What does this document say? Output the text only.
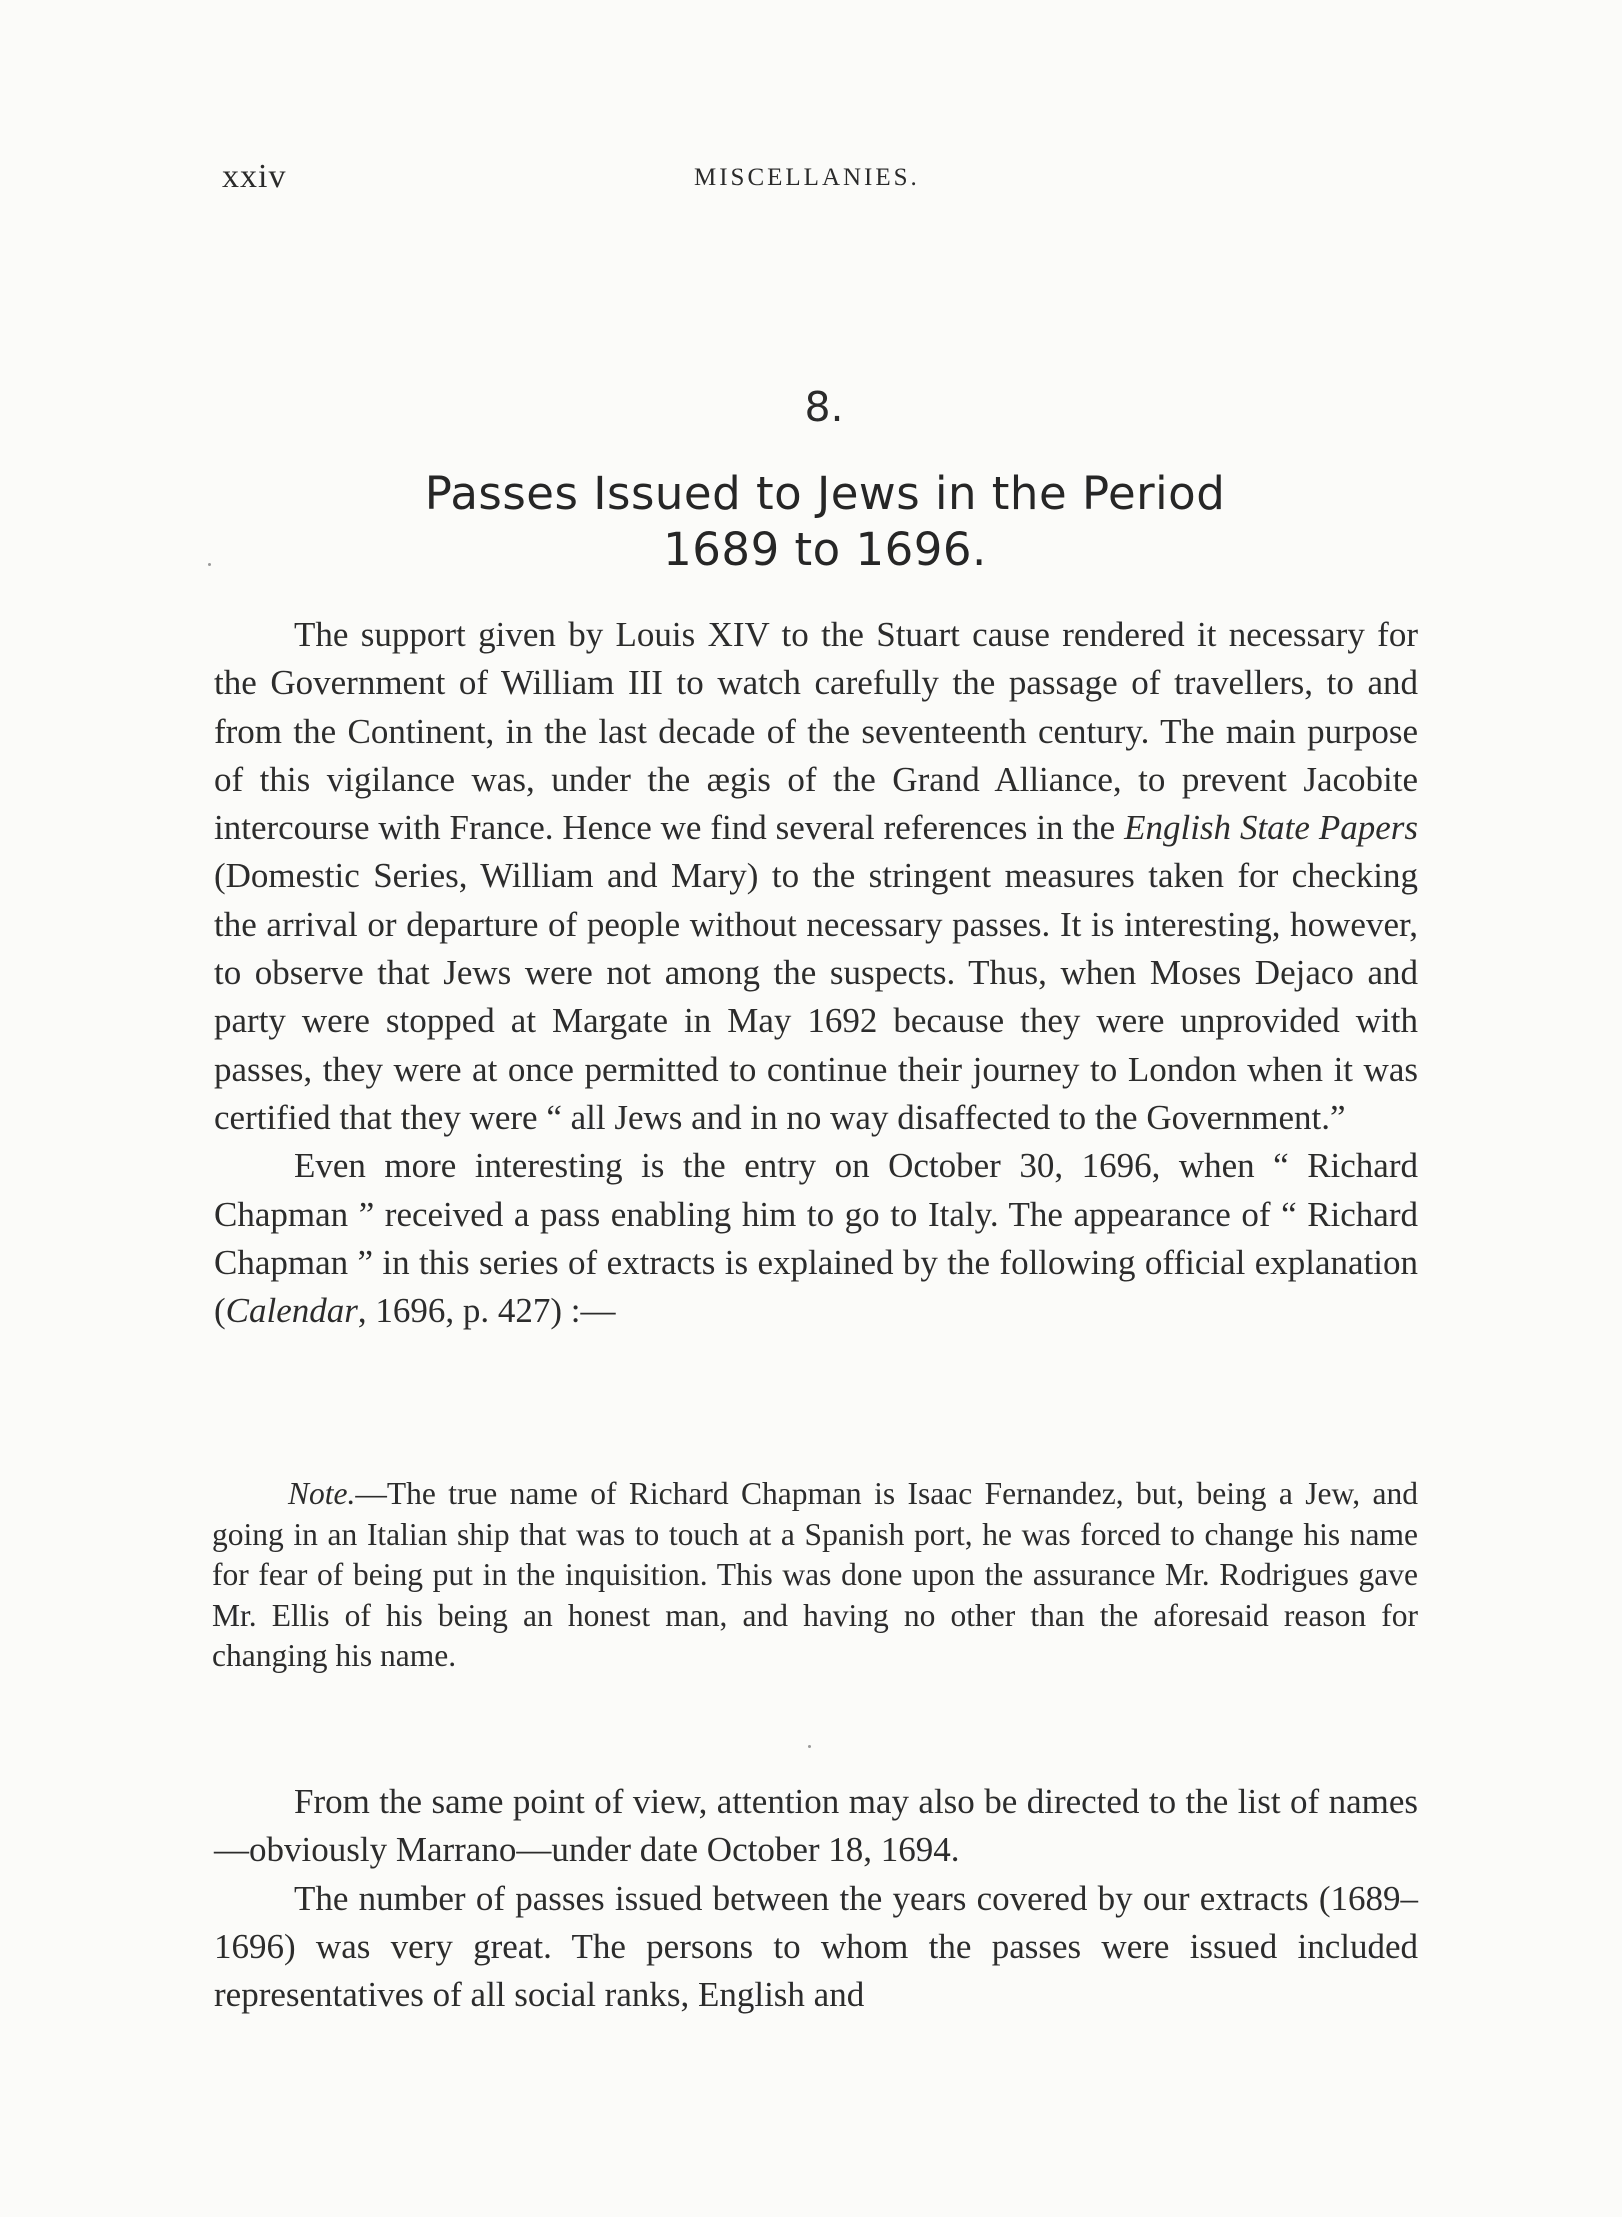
xxiv	MISCELLANIES.
8.
Passes Issued to Jews in the Period
1689 to 1696.

The support given by Louis XIV to the Stuart cause rendered it necessary for the Government of William III to watch carefully the passage of travellers, to and from the Continent, in the last decade of the seventeenth century. The main purpose of this vigilance was, under the ægis of the Grand Alliance, to prevent Jacobite intercourse with France. Hence we find several references in the English State Papers (Domestic Series, William and Mary) to the stringent measures taken for checking the arrival or departure of people without necessary passes. It is interesting, however, to observe that Jews were not among the suspects. Thus, when Moses Dejaco and party were stopped at Margate in May 1692 because they were unprovided with passes, they were at once permitted to continue their journey to London when it was certified that they were “ all Jews and in no way disaffected to the Government.”

Even more interesting is the entry on October 30, 1696, when “ Richard Chapman ” received a pass enabling him to go to Italy. The appearance of “ Richard Chapman ” in this series of extracts is explained by the following official explanation (Calendar, 1696, p. 427) :—

Note.—The true name of Richard Chapman is Isaac Fernandez, but, being a Jew, and going in an Italian ship that was to touch at a Spanish port, he was forced to change his name for fear of being put in the inquisition. This was done upon the assurance Mr. Rodrigues gave Mr. Ellis of his being an honest man, and having no other than the aforesaid reason for changing his name.

From the same point of view, attention may also be directed to the list of names—obviously Marrano—under date October 18, 1694.

The number of passes issued between the years covered by our extracts (1689–1696) was very great. The persons to whom the passes were issued included representatives of all social ranks, English and
